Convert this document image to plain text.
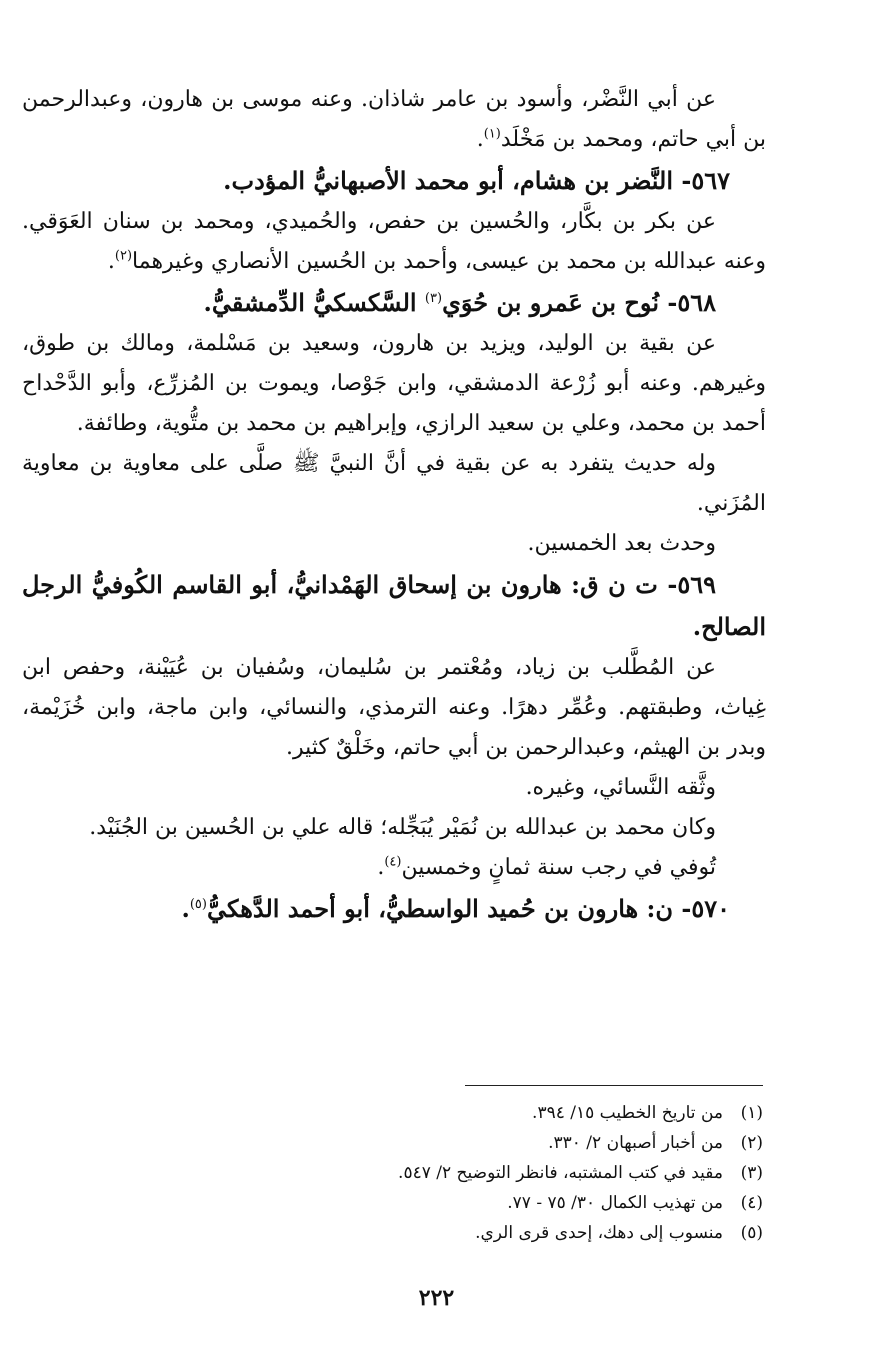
عن أبي النَّضْر، وأسود بن عامر شاذان. وعنه موسى بن هارون، وعبدالرحمن بن أبي حاتم، ومحمد بن مَخْلَد$^{(١)}$.

٥٦٧- النَّضر بن هشام، أبو محمد الأصبهانيُّ المؤدب.

عن بكر بن بكَّار، والحُسين بن حفص، والحُميدي، ومحمد بن سنان العَوَقي. وعنه عبدالله بن محمد بن عيسى، وأحمد بن الحُسين الأنصاري وغيرهما$^{(٢)}$.

٥٦٨- نُوح بن عَمرو بن حُوَي$^{(٣)}$ السَّكسكيُّ الدِّمشقيُّ.

عن بقية بن الوليد، ويزيد بن هارون، وسعيد بن مَسْلمة، ومالك بن طوق، وغيرهم. وعنه أبو زُرْعة الدمشقي، وابن جَوْصا، ويموت بن المُزرِّع، وأبو الدَّحْداح أحمد بن محمد، وعلي بن سعيد الرازي، وإبراهيم بن محمد بن متُّوية، وطائفة.

وله حديث يتفرد به عن بقية في أنَّ النبيَّ ﷺ صلَّى على معاوية بن معاوية المُزَني.

وحدث بعد الخمسين.

٥٦٩- ت ن ق: هارون بن إسحاق الهَمْدانيُّ، أبو القاسم الكُوفيُّ الرجل الصالح.

عن المُطَّلب بن زياد، ومُعْتمر بن سُليمان، وسُفيان بن عُيَيْنة، وحفص ابن غِياث، وطبقتهم. وعُمِّر دهرًا. وعنه الترمذي، والنسائي، وابن ماجة، وابن خُزَيْمة، وبدر بن الهيثم، وعبدالرحمن بن أبي حاتم، وخَلْقٌ كثير.

وثَّقه النَّسائي، وغيره.

وكان محمد بن عبدالله بن نُمَيْر يُبَجِّله؛ قاله علي بن الحُسين بن الجُنَيْد.

تُوفي في رجب سنة ثمانٍ وخمسين$^{(٤)}$.

٥٧٠- ن: هارون بن حُميد الواسطيُّ، أبو أحمد الدَّهكيُّ$^{(٥)}$.

(١)من تاريخ الخطيب ١٥/ ٣٩٤.

(٢)من أخبار أصبهان ٢/ ٣٣٠.

(٣)مقيد في كتب المشتبه، فانظر التوضيح ٢/ ٥٤٧.

(٤)من تهذيب الكمال ٣٠/ ٧٥ - ٧٧.

(٥)منسوب إلى دهك، إحدى قرى الري.

٢٢٢
